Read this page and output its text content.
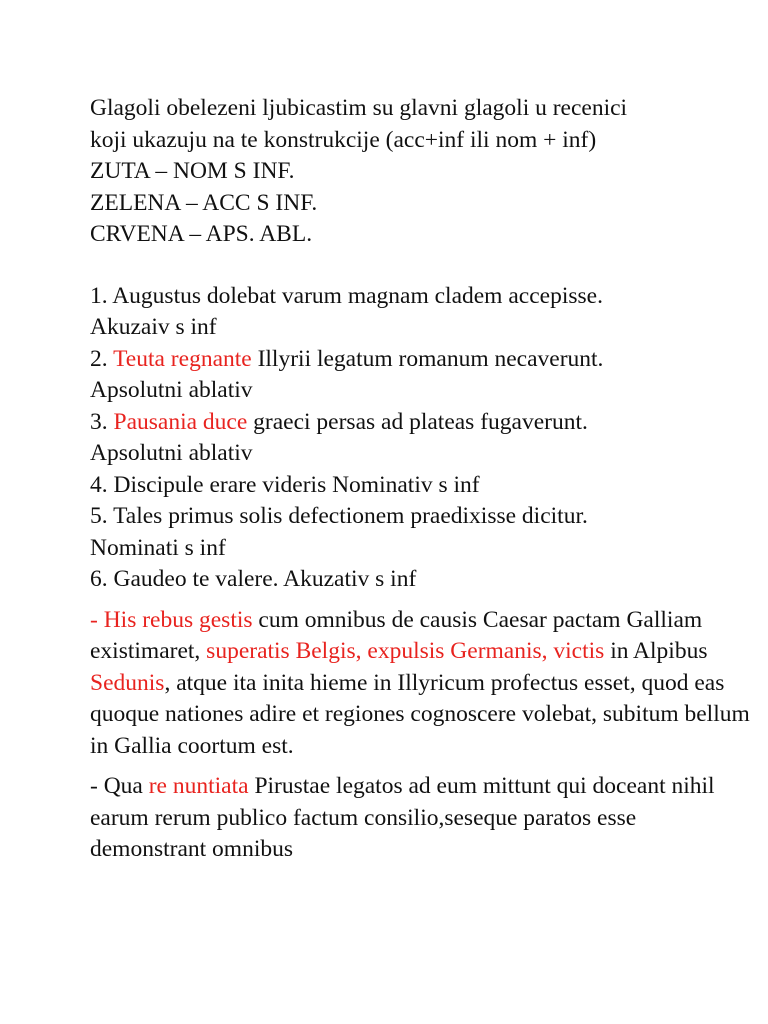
Glagoli obelezeni ljubicastim su glavni glagoli u recenici
koji ukazuju na te konstrukcije (acc+inf ili nom + inf)
ZUTA – NOM S INF.
ZELENA – ACC S INF.
CRVENA – APS. ABL.
1. Augustus dolebat varum magnam cladem accepisse.
Akuzaiv s inf
2. Teuta regnante Illyrii legatum romanum necaverunt.
Apsolutni ablativ
3. Pausania duce graeci persas ad plateas fugaverunt.
Apsolutni ablativ
4. Discipule erare videris Nominativ s inf
5. Tales primus solis defectionem praedixisse dicitur.
Nominati s inf
6. Gaudeo te valere. Akuzativ s inf
- His rebus gestis cum omnibus de causis Caesar pactam Galliam existimaret, superatis Belgis, expulsis Germanis, victis in Alpibus Sedunis, atque ita inita hieme in Illyricum profectus esset, quod eas quoque nationes adire et regiones cognoscere volebat, subitum bellum in Gallia coortum est.
- Qua re nuntiata Pirustae legatos ad eum mittunt qui doceant nihil earum rerum publico factum consilio,seseque paratos esse demonstrant omnibus
